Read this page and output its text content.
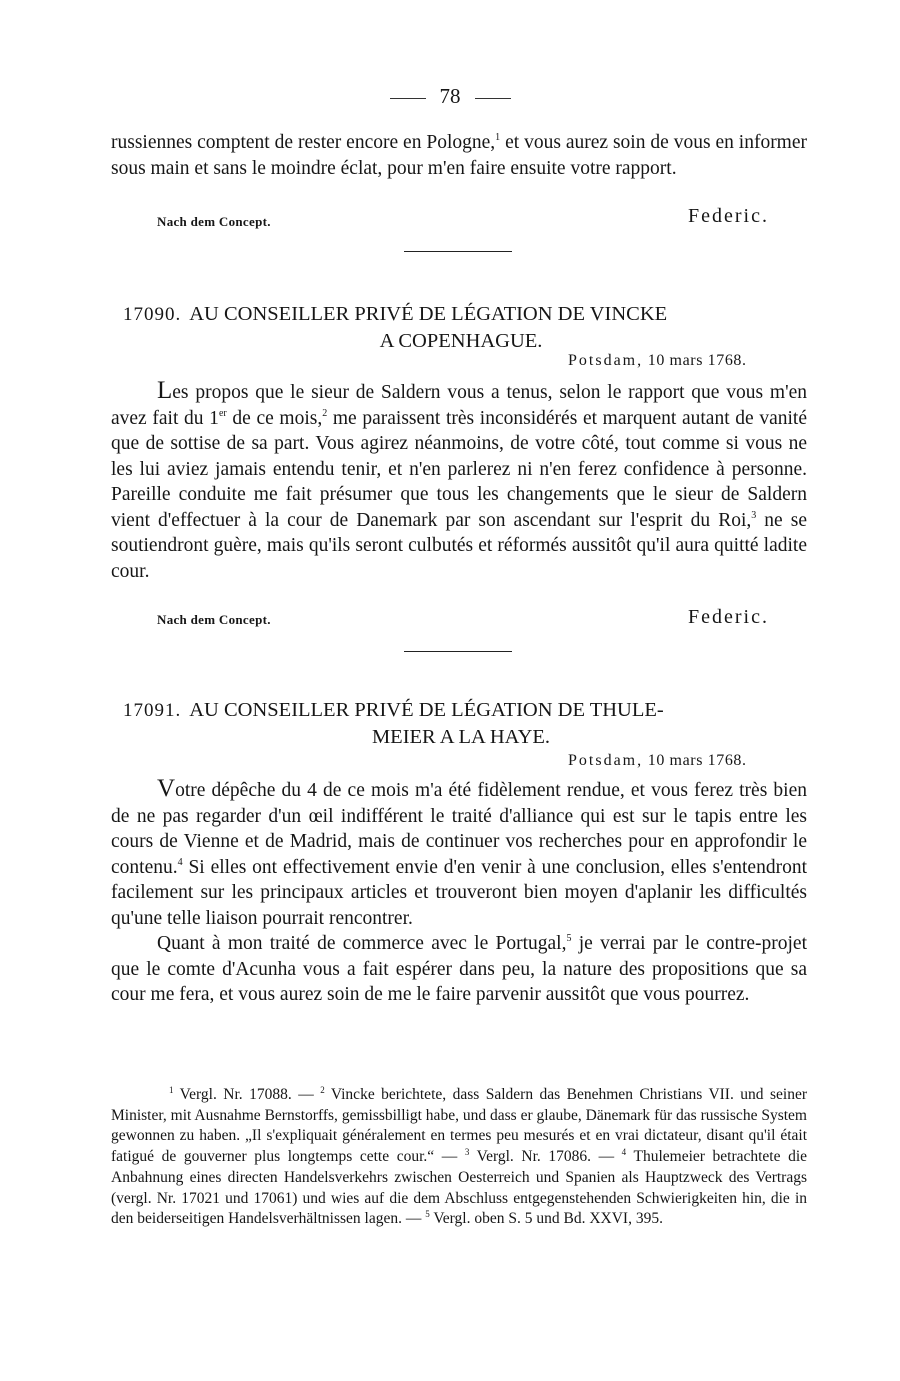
78

russiennes comptent de rester encore en Pologne,$^1$ et vous aurez soin de vous en informer sous main et sans le moindre éclat, pour m'en faire ensuite votre rapport.

Nach dem Concept.	Federic.
17090. AU CONSEILLER PRIVÉ DE LÉGATION DE VINCKE
A COPENHAGUE.
Potsdam, 10 mars 1768.

Les propos que le sieur de Saldern vous a tenus, selon le rapport que vous m'en avez fait du 1er de ce mois,$^2$ me paraissent très inconsidérés et marquent autant de vanité que de sottise de sa part. Vous agirez néanmoins, de votre côté, tout comme si vous ne les lui aviez jamais entendu tenir, et n'en parlerez ni n'en ferez confidence à personne. Pareille conduite me fait présumer que tous les changements que le sieur de Saldern vient d'effectuer à la cour de Danemark par son ascendant sur l'esprit du Roi,$^3$ ne se soutiendront guère, mais qu'ils seront culbutés et réformés aussitôt qu'il aura quitté ladite cour.

Nach dem Concept.	Federic.
17091. AU CONSEILLER PRIVÉ DE LÉGATION DE THULE-
MEIER A LA HAYE.
Potsdam, 10 mars 1768.

Votre dépêche du 4 de ce mois m'a été fidèlement rendue, et vous ferez très bien de ne pas regarder d'un œil indifférent le traité d'alliance qui est sur le tapis entre les cours de Vienne et de Madrid, mais de continuer vos recherches pour en approfondir le contenu.$^4$ Si elles ont effectivement envie d'en venir à une conclusion, elles s'entendront facilement sur les principaux articles et trouveront bien moyen d'aplanir les difficultés qu'une telle liaison pourrait rencontrer.

Quant à mon traité de commerce avec le Portugal,$^5$ je verrai par le contre-projet que le comte d'Acunha vous a fait espérer dans peu, la nature des propositions que sa cour me fera, et vous aurez soin de me le faire parvenir aussitôt que vous pourrez.

$^1$ Vergl. Nr. 17088. — $^2$ Vincke berichtete, dass Saldern das Benehmen Christians VII. und seiner Minister, mit Ausnahme Bernstorffs, gemissbilligt habe, und dass er glaube, Dänemark für das russische System gewonnen zu haben. „Il s'expliquait généralement en termes peu mesurés et en vrai dictateur, disant qu'il était fatigué de gouverner plus longtemps cette cour.“ — $^3$ Vergl. Nr. 17086. — $^4$ Thulemeier betrachtete die Anbahnung eines directen Handelsverkehrs zwischen Oesterreich und Spanien als Hauptzweck des Vertrags (vergl. Nr. 17021 und 17061) und wies auf die dem Abschluss entgegenstehenden Schwierigkeiten hin, die in den beiderseitigen Handelsverhältnissen lagen. — $^5$ Vergl. oben S. 5 und Bd. XXVI, 395.
